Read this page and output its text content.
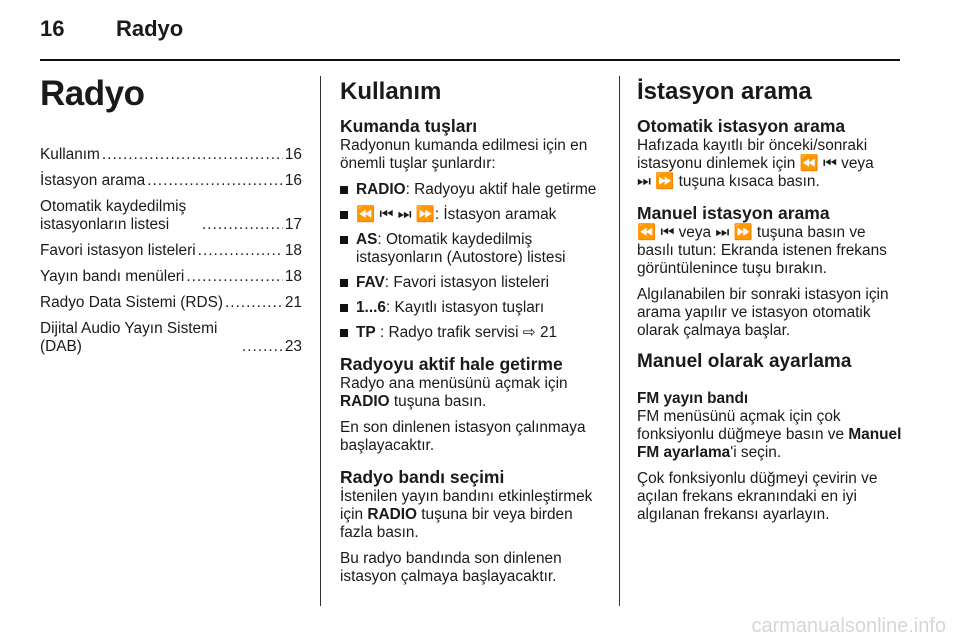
16 Radyo
Radyo
Kullanım .....	16
İstasyon arama .....	16
Otomatik kaydedilmiş istasyonların listesi .....	17
Favori istasyon listeleri .....	18
Yayın bandı menüleri .....	18
Radyo Data Sistemi (RDS) .....	21
Dijital Audio Yayın Sistemi (DAB) .....	23
Kullanım
Kumanda tuşları

Radyonun kumanda edilmesi için en önemli tuşlar şunlardır:

RADIO: Radyoyu aktif hale getirme
⏪ ⏮ ⏭ ⏩: İstasyon aramak
AS: Otomatik kaydedilmiş istasyonların (Autostore) listesi
FAV: Favori istasyon listeleri
1...6: Kayıtlı istasyon tuşları
TP : Radyo trafik servisi ⇨ 21
Radyoyu aktif hale getirme

Radyo ana menüsünü açmak için RADIO tuşuna basın.

En son dinlenen istasyon çalınmaya başlayacaktır.

Radyo bandı seçimi

İstenilen yayın bandını etkinleştirmek için RADIO tuşuna bir veya birden fazla basın.

Bu radyo bandında son dinlenen istasyon çalmaya başlayacaktır.

İstasyon arama
Otomatik istasyon arama

Hafızada kayıtlı bir önceki/sonraki istasyonu dinlemek için ⏪ ⏮ veya
⏭ ⏩ tuşuna kısaca basın.

Manuel istasyon arama

⏪ ⏮ veya ⏭ ⏩ tuşuna basın ve basılı tutun: Ekranda istenen frekans görüntülenince tuşu bırakın.

Algılanabilen bir sonraki istasyon için arama yapılır ve istasyon otomatik olarak çalmaya başlar.

Manuel olarak ayarlama
FM yayın bandı

FM menüsünü açmak için çok fonksiyonlu düğmeye basın ve Manuel FM ayarlama'i seçin.

Çok fonksiyonlu düğmeyi çevirin ve açılan frekans ekranındaki en iyi algılanan frekansı ayarlayın.

carmanualsonline.info
